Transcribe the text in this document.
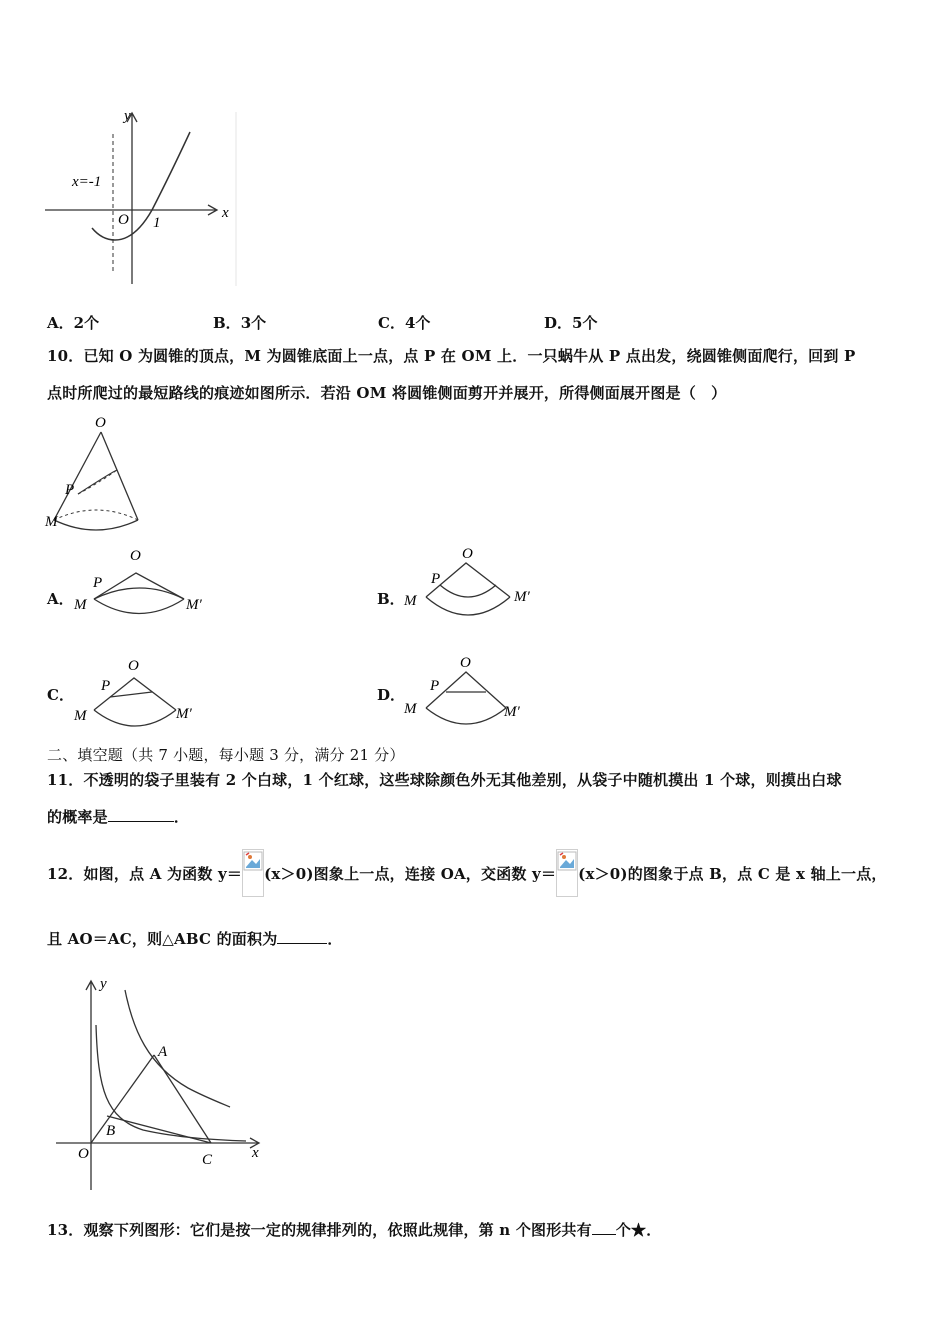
y
x
x=-1
O 1
A．2个	B．3个	C．4个	D．5个
10．已知 O 为圆锥的顶点，M 为圆锥底面上一点，点 P 在 OM 上．一只蜗牛从 P 点出发，绕圆锥侧面爬行，回到 P
点时所爬过的最短路线的痕迹如图所示．若沿 OM 将圆锥侧面剪开并展开，所得侧面展开图是（　）
O
P
M
A．
O
P
M	M′	B．
O
P
M	M′
C．
O
P
M	M′
D．
O
P
M	M′
二、填空题（共 7 小题，每小题 3 分，满分 21 分）
11．不透明的袋子里装有 2 个白球，1 个红球，这些球除颜色外无其他差别，从袋子中随机摸出 1 个球，则摸出白球
的概率是	．
12．如图，点 A 为函数 y＝ (x＞0)图象上一点，连接 OA，交函数 y＝ (x＞0)的图象于点 B，点 C 是 x 轴上一点，
且 AO＝AC，则△ABC 的面积为	．
y
x
O
A
B
C
13．观察下列图形：它们是按一定的规律排列的，依照此规律，第 n 个图形共有 个★．
